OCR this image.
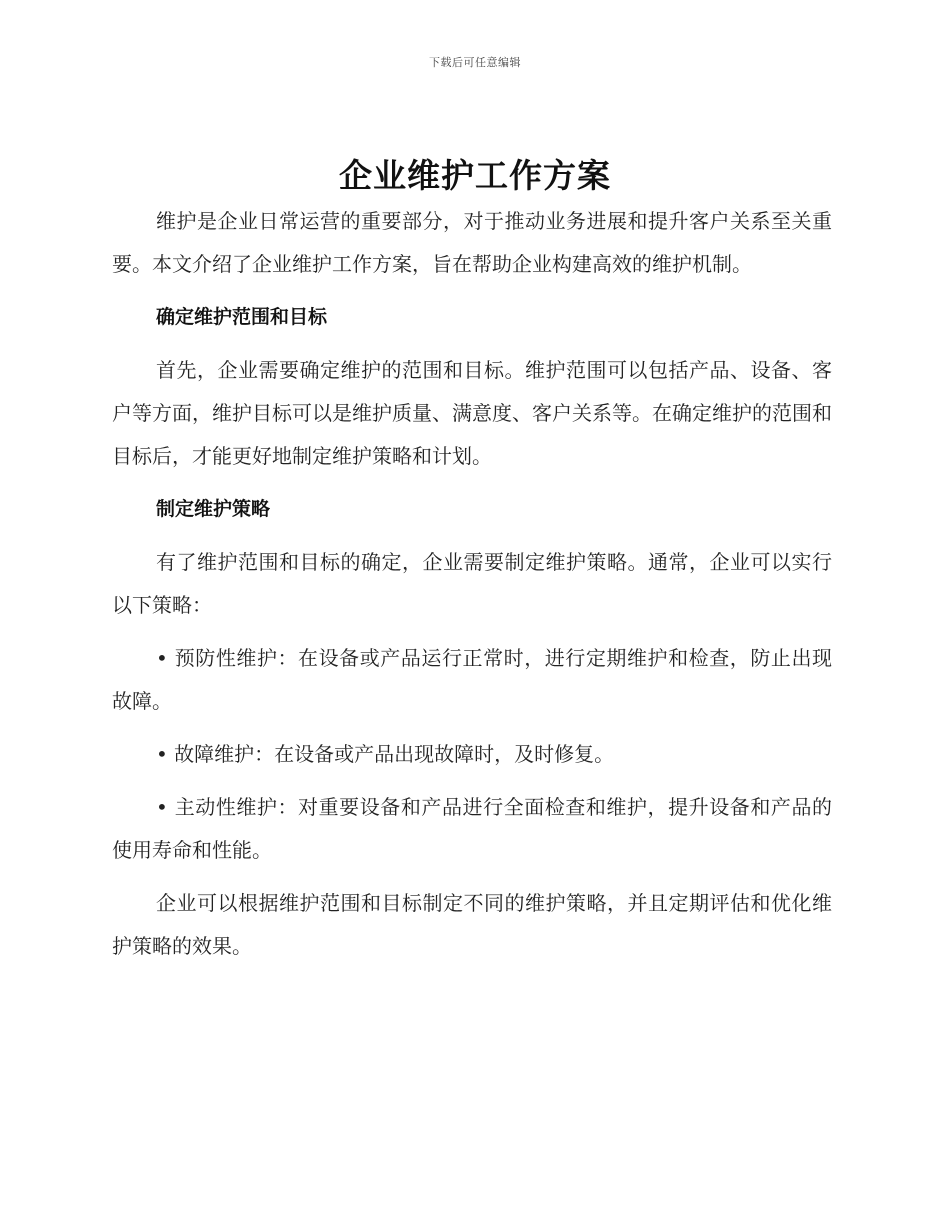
下载后可任意编辑
企业维护工作方案

维护是企业日常运营的重要部分，对于推动业务进展和提升客户关系至关重要。本文介绍了企业维护工作方案，旨在帮助企业构建高效的维护机制。

确定维护范围和目标

首先，企业需要确定维护的范围和目标。维护范围可以包括产品、设备、客户等方面，维护目标可以是维护质量、满意度、客户关系等。在确定维护的范围和目标后，才能更好地制定维护策略和计划。

制定维护策略

有了维护范围和目标的确定，企业需要制定维护策略。通常，企业可以实行以下策略：

• 预防性维护：在设备或产品运行正常时，进行定期维护和检查，防止出现故障。

• 故障维护：在设备或产品出现故障时，及时修复。

• 主动性维护：对重要设备和产品进行全面检查和维护，提升设备和产品的使用寿命和性能。

企业可以根据维护范围和目标制定不同的维护策略，并且定期评估和优化维护策略的效果。
